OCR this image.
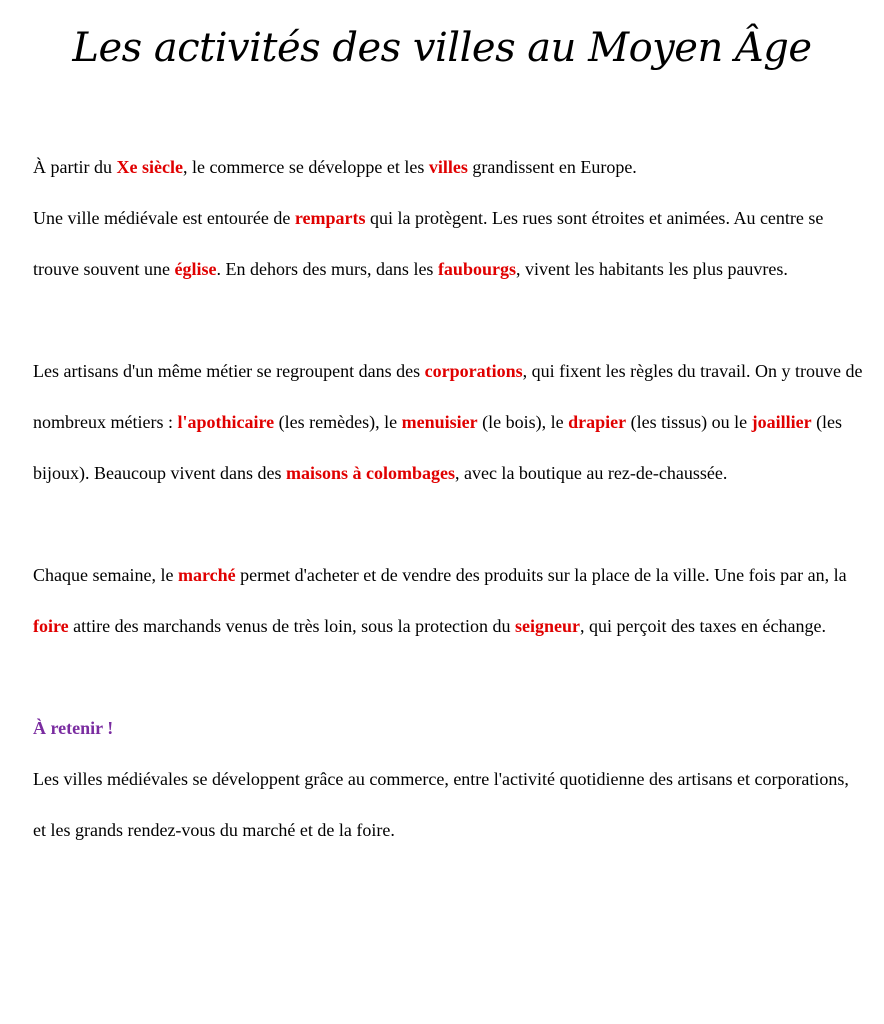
Les activités des villes au Moyen Âge
À partir du Xe siècle, le commerce se développe et les villes grandissent en Europe.
Une ville médiévale est entourée de remparts qui la protègent. Les rues sont étroites et animées. Au centre se trouve souvent une église. En dehors des murs, dans les faubourgs, vivent les habitants les plus pauvres.
Les artisans d'un même métier se regroupent dans des corporations, qui fixent les règles du travail. On y trouve de nombreux métiers : l'apothicaire (les remèdes), le menuisier (le bois), le drapier (les tissus) ou le joaillier (les bijoux). Beaucoup vivent dans des maisons à colombages, avec la boutique au rez-de-chaussée.
Chaque semaine, le marché permet d'acheter et de vendre des produits sur la place de la ville. Une fois par an, la foire attire des marchands venus de très loin, sous la protection du seigneur, qui perçoit des taxes en échange.
À retenir !
Les villes médiévales se développent grâce au commerce, entre l'activité quotidienne des artisans et corporations, et les grands rendez-vous du marché et de la foire.
